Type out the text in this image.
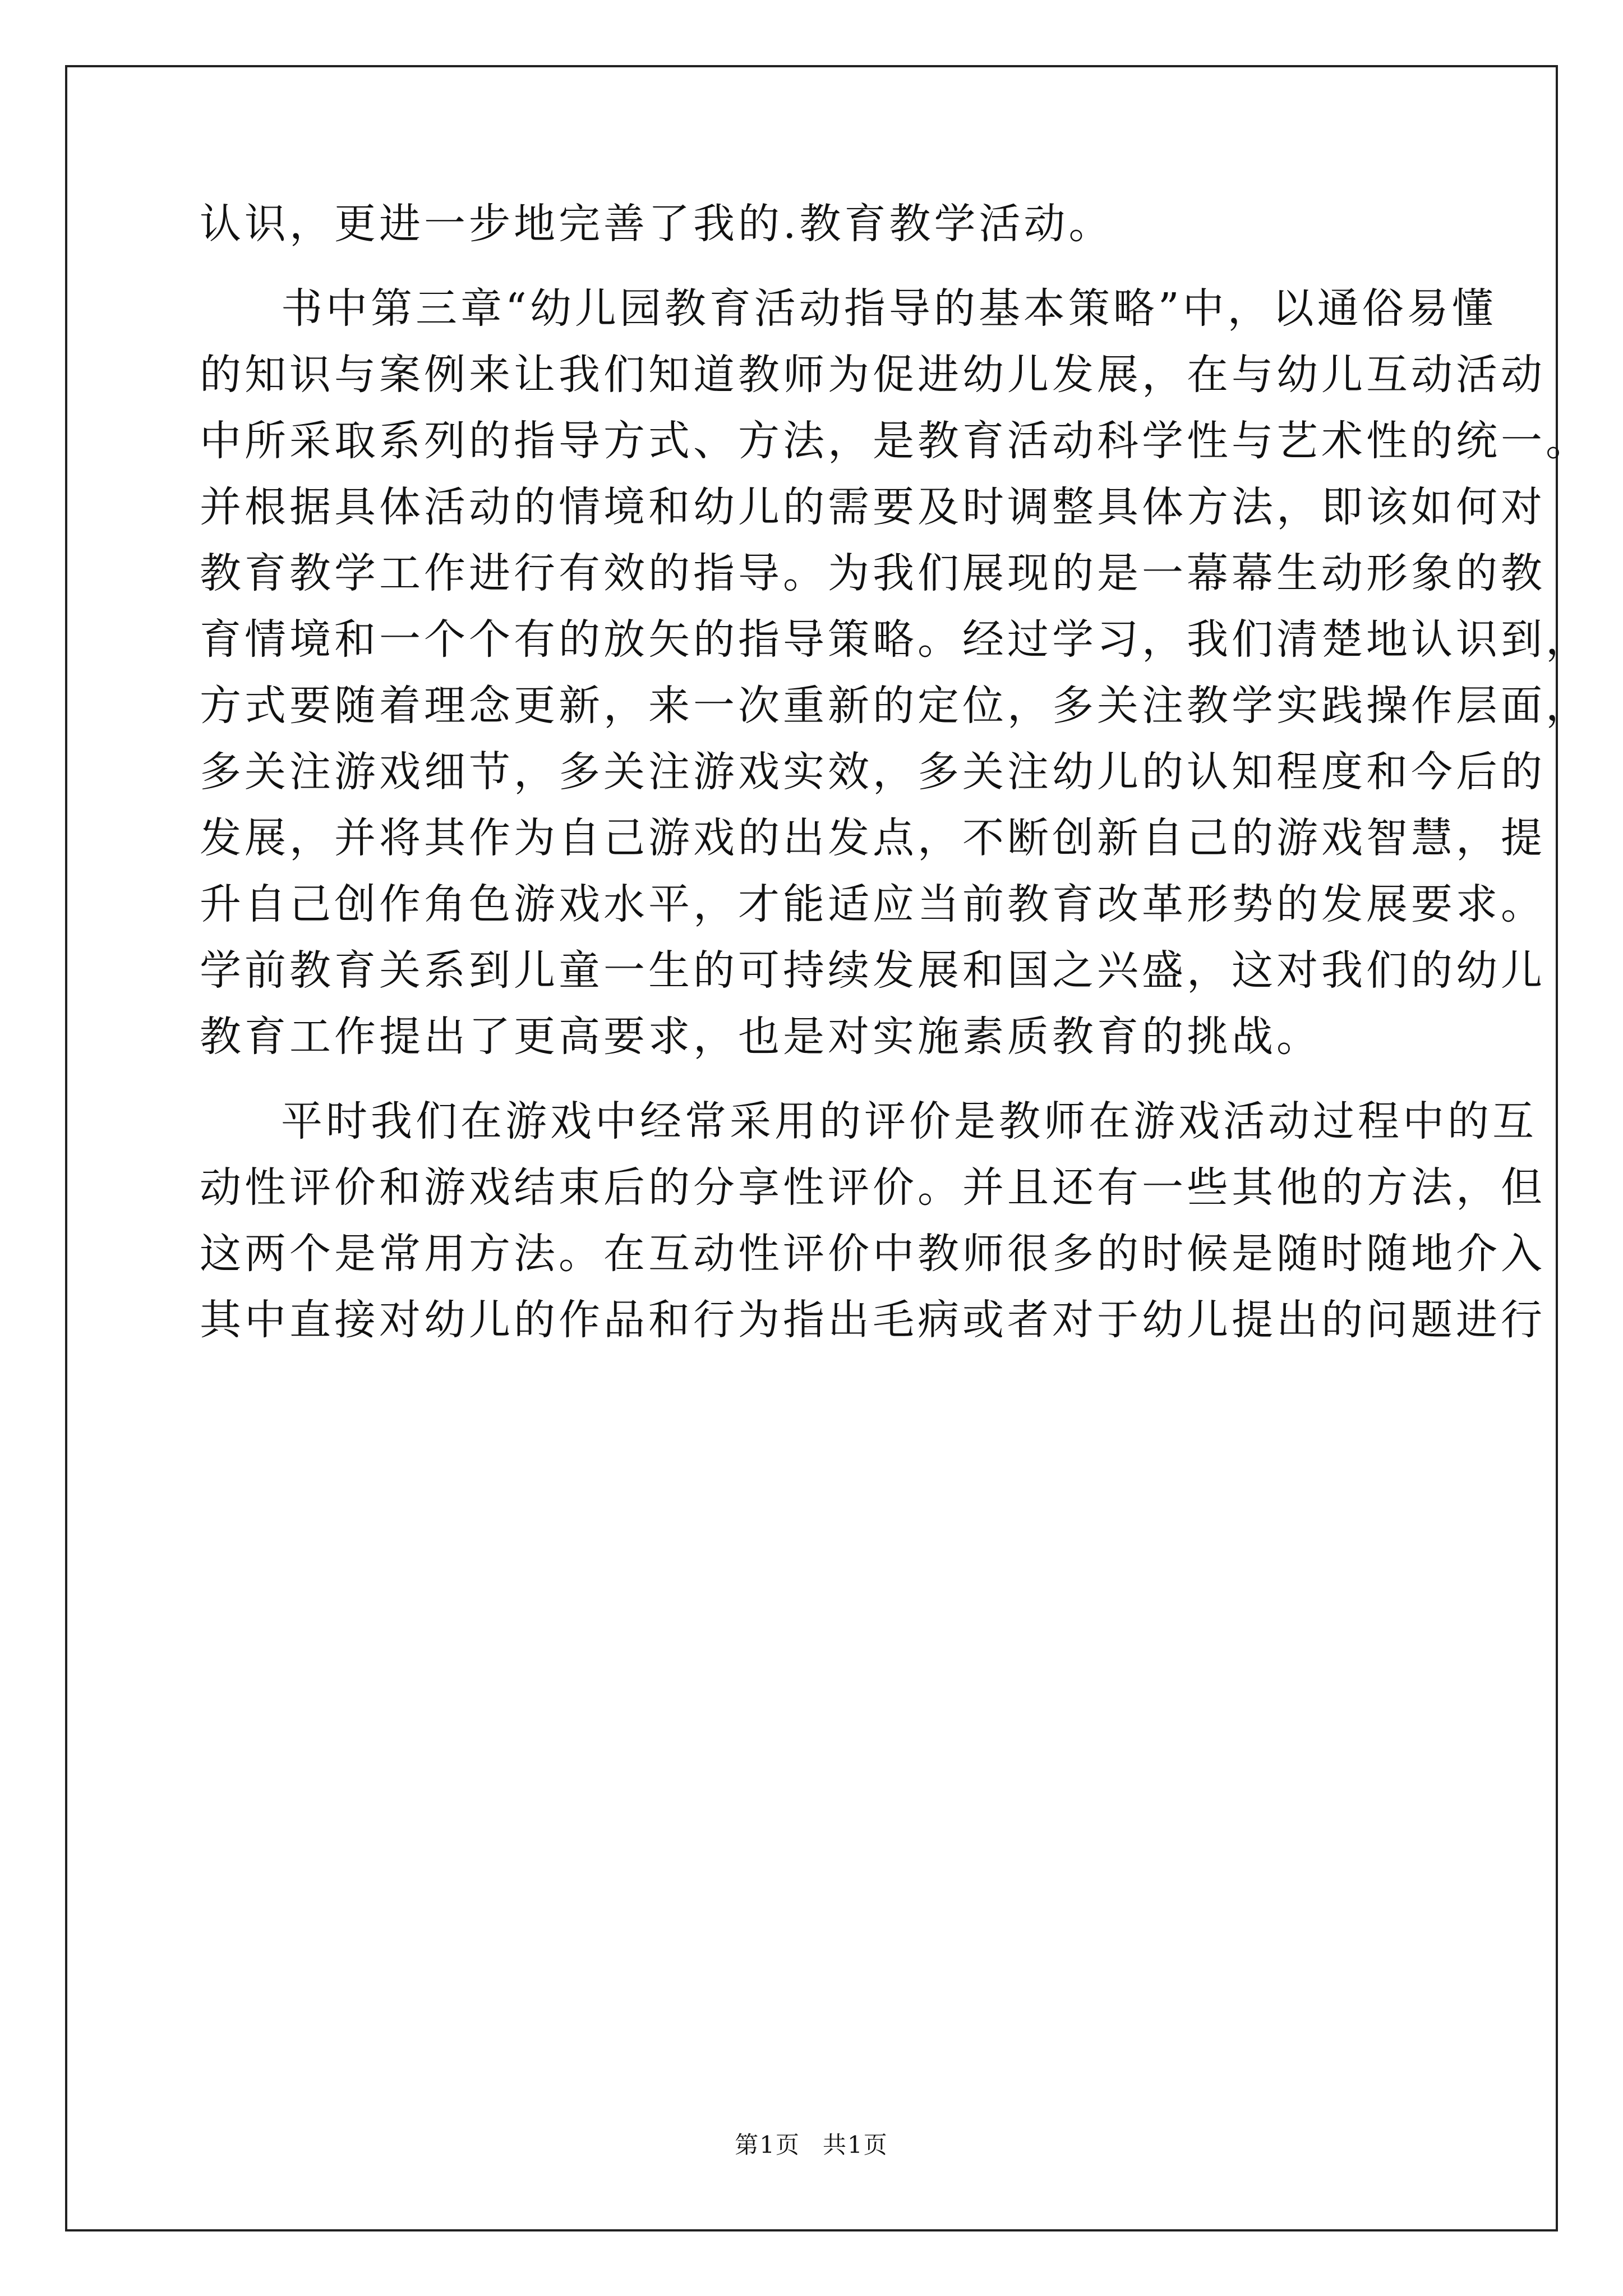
认识，更进一步地完善了我的.教育教学活动。
书中第三章“幼儿园教育活动指导的基本策略”中，以通俗易懂
的知识与案例来让我们知道教师为促进幼儿发展，在与幼儿互动活动
中所采取系列的指导方式、方法，是教育活动科学性与艺术性的统一。
并根据具体活动的情境和幼儿的需要及时调整具体方法，即该如何对
教育教学工作进行有效的指导。为我们展现的是一幕幕生动形象的教
育情境和一个个有的放矢的指导策略。经过学习，我们清楚地认识到，
方式要随着理念更新，来一次重新的定位，多关注教学实践操作层面，
多关注游戏细节，多关注游戏实效，多关注幼儿的认知程度和今后的
发展，并将其作为自己游戏的出发点，不断创新自己的游戏智慧，提
升自己创作角色游戏水平，才能适应当前教育改革形势的发展要求。
学前教育关系到儿童一生的可持续发展和国之兴盛，这对我们的幼儿
教育工作提出了更高要求，也是对实施素质教育的挑战。
平时我们在游戏中经常采用的评价是教师在游戏活动过程中的互
动性评价和游戏结束后的分享性评价。并且还有一些其他的方法，但
这两个是常用方法。在互动性评价中教师很多的时候是随时随地介入
其中直接对幼儿的作品和行为指出毛病或者对于幼儿提出的问题进行
第1页 共1页
